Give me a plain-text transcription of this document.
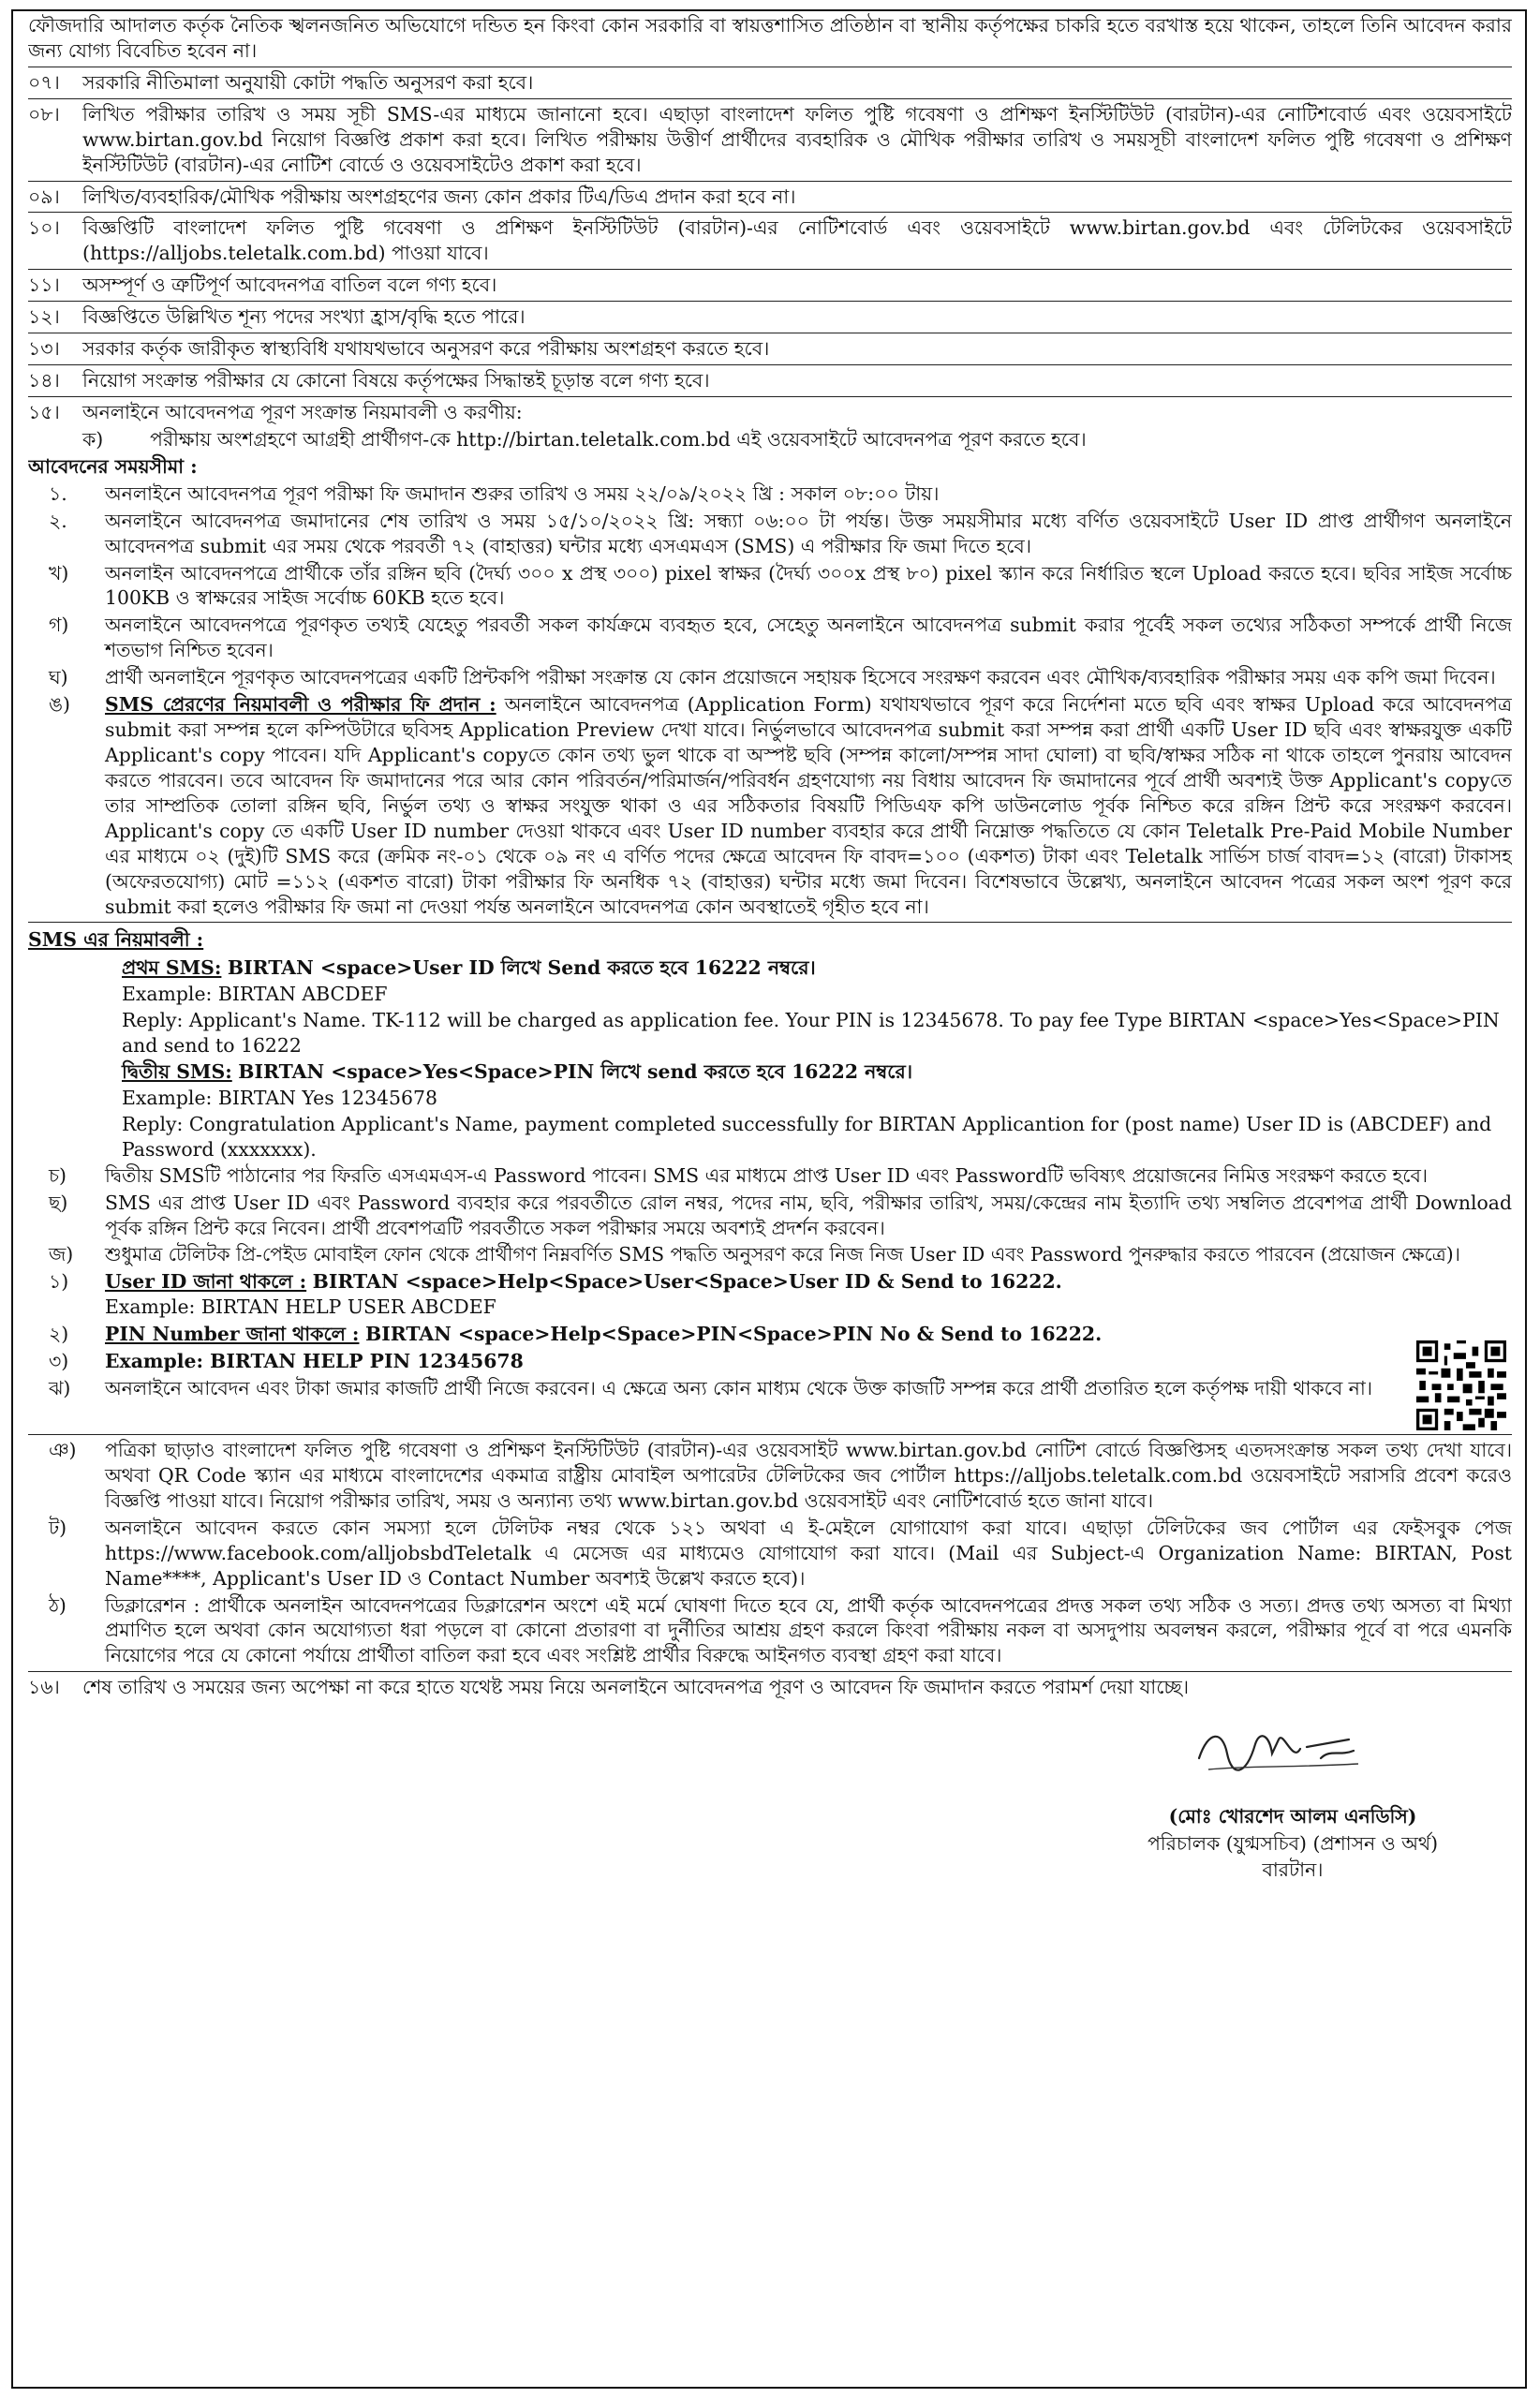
ফৌজদারি আদালত কর্তৃক নৈতিক স্খলনজনিত অভিযোগে দন্ডিত হন কিংবা কোন সরকারি বা স্বায়ত্তশাসিত প্রতিষ্ঠান বা স্থানীয় কর্তৃপক্ষের চাকরি হতে বরখাস্ত হয়ে থাকেন, তাহলে তিনি আবেদন করার জন্য যোগ্য বিবেচিত হবেন না।
০৭।	সরকারি নীতিমালা অনুযায়ী কোটা পদ্ধতি অনুসরণ করা হবে।
০৮।	লিখিত পরীক্ষার তারিখ ও সময় সূচী SMS-এর মাধ্যমে জানানো হবে। এছাড়া বাংলাদেশ ফলিত পুষ্টি গবেষণা ও প্রশিক্ষণ ইনস্টিটিউট (বারটান)-এর নোটিশবোর্ড এবং ওয়েবসাইটে www.birtan.gov.bd নিয়োগ বিজ্ঞপ্তি প্রকাশ করা হবে। লিখিত পরীক্ষায় উত্তীর্ণ প্রার্থীদের ব্যবহারিক ও মৌখিক পরীক্ষার তারিখ ও সময়সূচী বাংলাদেশ ফলিত পুষ্টি গবেষণা ও প্রশিক্ষণ ইনস্টিটিউট (বারটান)-এর নোটিশ বোর্ডে ও ওয়েবসাইটেও প্রকাশ করা হবে।
০৯।	লিখিত/ব্যবহারিক/মৌখিক পরীক্ষায় অংশগ্রহণের জন্য কোন প্রকার টিএ/ডিএ প্রদান করা হবে না।
১০।	বিজ্ঞপ্তিটি বাংলাদেশ ফলিত পুষ্টি গবেষণা ও প্রশিক্ষণ ইনস্টিটিউট (বারটান)-এর নোটিশবোর্ড এবং ওয়েবসাইটে www.birtan.gov.bd এবং টেলিটকের ওয়েবসাইটে (https://alljobs.teletalk.com.bd) পাওয়া যাবে।
১১।	অসম্পূর্ণ ও ত্রুটিপূর্ণ আবেদনপত্র বাতিল বলে গণ্য হবে।
১২।	বিজ্ঞপ্তিতে উল্লিখিত শূন্য পদের সংখ্যা হ্রাস/বৃদ্ধি হতে পারে।
১৩।	সরকার কর্তৃক জারীকৃত স্বাস্থ্যবিধি যথাযথভাবে অনুসরণ করে পরীক্ষায় অংশগ্রহণ করতে হবে।
১৪।	নিয়োগ সংক্রান্ত পরীক্ষার যে কোনো বিষয়ে কর্তৃপক্ষের সিদ্ধান্তই চূড়ান্ত বলে গণ্য হবে।
১৫।	অনলাইনে আবেদনপত্র পূরণ সংক্রান্ত নিয়মাবলী ও করণীয়:
ক)	পরীক্ষায় অংশগ্রহণে আগ্রহী প্রার্থীগণ-কে http://birtan.teletalk.com.bd এই ওয়েবসাইটে আবেদনপত্র পূরণ করতে হবে।
আবেদনের সময়সীমা :
১.	অনলাইনে আবেদনপত্র পূরণ পরীক্ষা ফি জমাদান শুরুর তারিখ ও সময় ২২/০৯/২০২২ খ্রি : সকাল ০৮:০০ টায়।
২.	অনলাইনে আবেদনপত্র জমাদানের শেষ তারিখ ও সময় ১৫/১০/২০২২ খ্রি: সন্ধ্যা ০৬:০০ টা পর্যন্ত। উক্ত সময়সীমার মধ্যে বর্ণিত ওয়েবসাইটে User ID প্রাপ্ত প্রার্থীগণ অনলাইনে আবেদনপত্র submit এর সময় থেকে পরবর্তী ৭২ (বাহাত্তর) ঘন্টার মধ্যে এসএমএস (SMS) এ পরীক্ষার ফি জমা দিতে হবে।
খ)	অনলাইন আবেদনপত্রে প্রার্থীকে তাঁর রঙ্গিন ছবি (দৈর্ঘ্য ৩০০ x প্রস্থ ৩০০) pixel স্বাক্ষর (দৈর্ঘ্য ৩০০x প্রস্থ ৮০) pixel স্ক্যান করে নির্ধারিত স্থলে Upload করতে হবে। ছবির সাইজ সর্বোচ্চ 100KB ও স্বাক্ষরের সাইজ সর্বোচ্চ 60KB হতে হবে।
গ)	অনলাইনে আবেদনপত্রে পূরণকৃত তথ্যই যেহেতু পরবর্তী সকল কার্যক্রমে ব্যবহৃত হবে, সেহেতু অনলাইনে আবেদনপত্র submit করার পূর্বেই সকল তথ্যের সঠিকতা সম্পর্কে প্রার্থী নিজে শতভাগ নিশ্চিত হবেন।
ঘ)	প্রার্থী অনলাইনে পূরণকৃত আবেদনপত্রের একটি প্রিন্টকপি পরীক্ষা সংক্রান্ত যে কোন প্রয়োজনে সহায়ক হিসেবে সংরক্ষণ করবেন এবং মৌখিক/ব্যবহারিক পরীক্ষার সময় এক কপি জমা দিবেন।
ঙ)	SMS প্রেরণের নিয়মাবলী ও পরীক্ষার ফি প্রদান : অনলাইনে আবেদনপত্র (Application Form) যথাযথভাবে পূরণ করে নির্দেশনা মতে ছবি এবং স্বাক্ষর Upload করে আবেদনপত্র submit করা সম্পন্ন হলে কম্পিউটারে ছবিসহ Application Preview দেখা যাবে। নির্ভুলভাবে আবেদনপত্র submit করা সম্পন্ন করা প্রার্থী একটি User ID ছবি এবং স্বাক্ষরযুক্ত একটি Applicant's copy পাবেন। যদি Applicant's copyতে কোন তথ্য ভুল থাকে বা অস্পষ্ট ছবি (সম্পন্ন কালো/সম্পন্ন সাদা ঘোলা) বা ছবি/স্বাক্ষর সঠিক না থাকে তাহলে পুনরায় আবেদন করতে পারবেন। তবে আবেদন ফি জমাদানের পরে আর কোন পরিবর্তন/পরিমার্জন/পরিবর্ধন গ্রহণযোগ্য নয় বিধায় আবেদন ফি জমাদানের পূর্বে প্রার্থী অবশ্যই উক্ত Applicant's copyতে তার সাম্প্রতিক তোলা রঙ্গিন ছবি, নির্ভুল তথ্য ও স্বাক্ষর সংযুক্ত থাকা ও এর সঠিকতার বিষয়টি পিডিএফ কপি ডাউনলোড পূর্বক নিশ্চিত করে রঙ্গিন প্রিন্ট করে সংরক্ষণ করবেন। Applicant's copy তে একটি User ID number দেওয়া থাকবে এবং User ID number ব্যবহার করে প্রার্থী নিম্নোক্ত পদ্ধতিতে যে কোন Teletalk Pre-Paid Mobile Number এর মাধ্যমে ০২ (দুই)টি SMS করে (ক্রমিক নং-০১ থেকে ০৯ নং এ বর্ণিত পদের ক্ষেত্রে আবেদন ফি বাবদ=১০০ (একশত) টাকা এবং Teletalk সার্ভিস চার্জ বাবদ=১২ (বারো) টাকাসহ (অফেরতযোগ্য) মোট =১১২ (একশত বারো) টাকা পরীক্ষার ফি অনধিক ৭২ (বাহাত্তর) ঘন্টার মধ্যে জমা দিবেন। বিশেষভাবে উল্লেখ্য, অনলাইনে আবেদন পত্রের সকল অংশ পূরণ করে submit করা হলেও পরীক্ষার ফি জমা না দেওয়া পর্যন্ত অনলাইনে আবেদনপত্র কোন অবস্থাতেই গৃহীত হবে না।
SMS এর নিয়মাবলী :
প্রথম SMS: BIRTAN <space>User ID লিখে Send করতে হবে 16222 নম্বরে।
Example: BIRTAN ABCDEF
Reply: Applicant's Name. TK-112 will be charged as application fee. Your PIN is 12345678. To pay fee Type BIRTAN <space>Yes<Space>PIN and send to 16222
দ্বিতীয় SMS: BIRTAN <space>Yes<Space>PIN লিখে send করতে হবে 16222 নম্বরে।
Example: BIRTAN Yes 12345678
Reply: Congratulation Applicant's Name, payment completed successfully for BIRTAN Applicantion for (post name) User ID is (ABCDEF) and Password (xxxxxxx).
চ)	দ্বিতীয় SMSটি পাঠানোর পর ফিরতি এসএমএস-এ Password পাবেন। SMS এর মাধ্যমে প্রাপ্ত User ID এবং Passwordটি ভবিষ্যৎ প্রয়োজনের নিমিত্ত সংরক্ষণ করতে হবে।
ছ)	SMS এর প্রাপ্ত User ID এবং Password ব্যবহার করে পরবর্তীতে রোল নম্বর, পদের নাম, ছবি, পরীক্ষার তারিখ, সময়/কেন্দ্রের নাম ইত্যাদি তথ্য সম্বলিত প্রবেশপত্র প্রার্থী Download পূর্বক রঙ্গিন প্রিন্ট করে নিবেন। প্রার্থী প্রবেশপত্রটি পরবর্তীতে সকল পরীক্ষার সময়ে অবশ্যই প্রদর্শন করবেন।
জ)	শুধুমাত্র টেলিটক প্রি-পেইড মোবাইল ফোন থেকে প্রার্থীগণ নিম্নবর্ণিত SMS পদ্ধতি অনুসরণ করে নিজ নিজ User ID এবং Password পুনরুদ্ধার করতে পারবেন (প্রয়োজন ক্ষেত্রে)।
১)	User ID জানা থাকলে : BIRTAN <space>Help<Space>User<Space>User ID & Send to 16222.
Example: BIRTAN HELP USER ABCDEF
২)	PIN Number জানা থাকলে : BIRTAN <space>Help<Space>PIN<Space>PIN No & Send to 16222.
৩)	Example: BIRTAN HELP PIN 12345678
ঝ)	অনলাইনে আবেদন এবং টাকা জমার কাজটি প্রার্থী নিজে করবেন। এ ক্ষেত্রে অন্য কোন মাধ্যম থেকে উক্ত কাজটি সম্পন্ন করে প্রার্থী প্রতারিত হলে কর্তৃপক্ষ দায়ী থাকবে না।
ঞ)	পত্রিকা ছাড়াও বাংলাদেশ ফলিত পুষ্টি গবেষণা ও প্রশিক্ষণ ইনস্টিটিউট (বারটান)-এর ওয়েবসাইট www.birtan.gov.bd নোটিশ বোর্ডে বিজ্ঞপ্তিসহ এতদসংক্রান্ত সকল তথ্য দেখা যাবে। অথবা QR Code স্ক্যান এর মাধ্যমে বাংলাদেশের একমাত্র রাষ্ট্রীয় মোবাইল অপারেটর টেলিটকের জব পোর্টাল https://alljobs.teletalk.com.bd ওয়েবসাইটে সরাসরি প্রবেশ করেও বিজ্ঞপ্তি পাওয়া যাবে। নিয়োগ পরীক্ষার তারিখ, সময় ও অন্যান্য তথ্য www.birtan.gov.bd ওয়েবসাইট এবং নোটিশবোর্ড হতে জানা যাবে।
ট)	অনলাইনে আবেদন করতে কোন সমস্যা হলে টেলিটক নম্বর থেকে ১২১ অথবা এ ই-মেইলে যোগাযোগ করা যাবে। এছাড়া টেলিটকের জব পোর্টাল এর ফেইসবুক পেজ https://www.facebook.com/alljobsbdTeletalk এ মেসেজ এর মাধ্যমেও যোগাযোগ করা যাবে। (Mail এর Subject-এ Organization Name: BIRTAN, Post Name****, Applicant's User ID ও Contact Number অবশ্যই উল্লেখ করতে হবে)।
ঠ)	ডিক্লারেশন : প্রার্থীকে অনলাইন আবেদনপত্রের ডিক্লারেশন অংশে এই মর্মে ঘোষণা দিতে হবে যে, প্রার্থী কর্তৃক আবেদনপত্রের প্রদত্ত সকল তথ্য সঠিক ও সত্য। প্রদত্ত তথ্য অসত্য বা মিথ্যা প্রমাণিত হলে অথবা কোন অযোগ্যতা ধরা পড়লে বা কোনো প্রতারণা বা দুর্নীতির আশ্রয় গ্রহণ করলে কিংবা পরীক্ষায় নকল বা অসদুপায় অবলম্বন করলে, পরীক্ষার পূর্বে বা পরে এমনকি নিয়োগের পরে যে কোনো পর্যায়ে প্রার্থীতা বাতিল করা হবে এবং সংশ্লিষ্ট প্রার্থীর বিরুদ্ধে আইনগত ব্যবস্থা গ্রহণ করা যাবে।
১৬।	শেষ তারিখ ও সময়ের জন্য অপেক্ষা না করে হাতে যথেষ্ট সময় নিয়ে অনলাইনে আবেদনপত্র পূরণ ও আবেদন ফি জমাদান করতে পরামর্শ দেয়া যাচ্ছে।
(মোঃ খোরশেদ আলম এনডিসি)
পরিচালক (যুগ্মসচিব) (প্রশাসন ও অর্থ)
বারটান।
